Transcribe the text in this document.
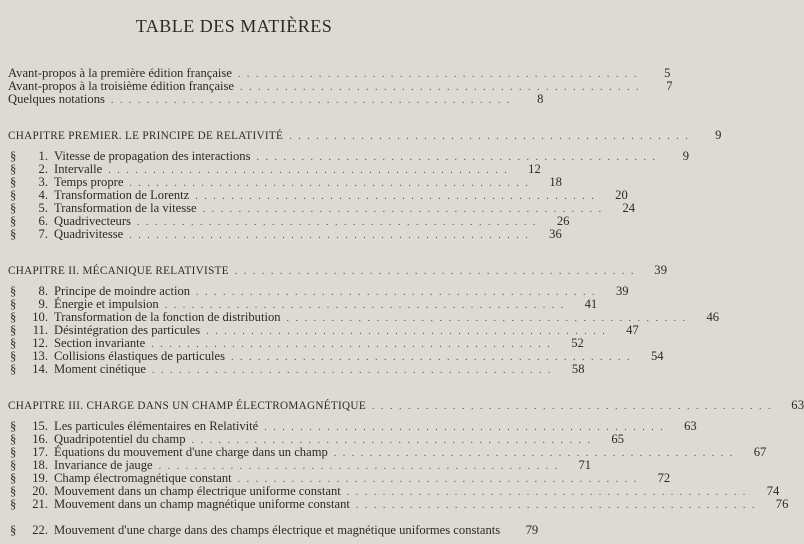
TABLE DES MATIÈRES
Avant-propos à la première édition française . . . . . . . . . . . . . . . . . . . . . . . . . . . . . . . . . . . . . . . . . . . . .	5
Avant-propos à la troisième édition française . . . . . . . . . . . . . . . . . . . . . . . . . . . . . . . . . . . . . . . . . . . . .	7
Quelques notations . . . . . . . . . . . . . . . . . . . . . . . . . . . . . . . . . . . . . . . . . . . . .	8
CHAPITRE PREMIER. LE PRINCIPE DE RELATIVITÉ . . . . . . . . . . . . . . . . . . . . . . . . . . . . . . . . . . . . . . . . . . . . .	9
§ 1. Vitesse de propagation des interactions . . . . . . . . . . . . . . . . . . . . . . . . . . . . . . . . . . . . . . . . . . . . .	9
§ 2. Intervalle . . . . . . . . . . . . . . . . . . . . . . . . . . . . . . . . . . . . . . . . . . . . .	12
§ 3. Temps propre . . . . . . . . . . . . . . . . . . . . . . . . . . . . . . . . . . . . . . . . . . . . .	18
§ 4. Transformation de Lorentz . . . . . . . . . . . . . . . . . . . . . . . . . . . . . . . . . . . . . . . . . . . . .	20
§ 5. Transformation de la vitesse . . . . . . . . . . . . . . . . . . . . . . . . . . . . . . . . . . . . . . . . . . . . .	24
§ 6. Quadrivecteurs . . . . . . . . . . . . . . . . . . . . . . . . . . . . . . . . . . . . . . . . . . . . .	26
§ 7. Quadrivitesse . . . . . . . . . . . . . . . . . . . . . . . . . . . . . . . . . . . . . . . . . . . . .	36
CHAPITRE II. MÉCANIQUE RELATIVISTE . . . . . . . . . . . . . . . . . . . . . . . . . . . . . . . . . . . . . . . . . . . . .	39
§ 8. Principe de moindre action . . . . . . . . . . . . . . . . . . . . . . . . . . . . . . . . . . . . . . . . . . . . .	39
§ 9. Énergie et impulsion . . . . . . . . . . . . . . . . . . . . . . . . . . . . . . . . . . . . . . . . . . . . .	41
§ 10. Transformation de la fonction de distribution . . . . . . . . . . . . . . . . . . . . . . . . . . . . . . . . . . . . . . . . . . . . .	46
§ 11. Désintégration des particules . . . . . . . . . . . . . . . . . . . . . . . . . . . . . . . . . . . . . . . . . . . . .	47
§ 12. Section invariante . . . . . . . . . . . . . . . . . . . . . . . . . . . . . . . . . . . . . . . . . . . . .	52
§ 13. Collisions élastiques de particules . . . . . . . . . . . . . . . . . . . . . . . . . . . . . . . . . . . . . . . . . . . . .	54
§ 14. Moment cinétique . . . . . . . . . . . . . . . . . . . . . . . . . . . . . . . . . . . . . . . . . . . . .	58
CHAPITRE III. CHARGE DANS UN CHAMP ÉLECTROMAGNÉTIQUE . . . . . . . . . . . . . . . . . . . . . . . . . . . . . . . . . . . . . . . . . . . . .	63
§ 15. Les particules élémentaires en Relativité . . . . . . . . . . . . . . . . . . . . . . . . . . . . . . . . . . . . . . . . . . . . .	63
§ 16. Quadripotentiel du champ . . . . . . . . . . . . . . . . . . . . . . . . . . . . . . . . . . . . . . . . . . . . .	65
§ 17. Équations du mouvement d'une charge dans un champ . . . . . . . . . . . . . . . . . . . . . . . . . . . . . . . . . . . . . . . . . . . . .	67
§ 18. Invariance de jauge . . . . . . . . . . . . . . . . . . . . . . . . . . . . . . . . . . . . . . . . . . . . .	71
§ 19. Champ électromagnétique constant . . . . . . . . . . . . . . . . . . . . . . . . . . . . . . . . . . . . . . . . . . . . .	72
§ 20. Mouvement dans un champ électrique uniforme constant . . . . . . . . . . . . . . . . . . . . . . . . . . . . . . . . . . . . . . . . . . . . .	74
§ 21. Mouvement dans un champ magnétique uniforme constant . . . . . . . . . . . . . . . . . . . . . . . . . . . . . . . . . . . . . . . . . . . . .	76
§ 22. Mouvement d'une charge dans des champs électrique et magnétique uniformes constants	79
